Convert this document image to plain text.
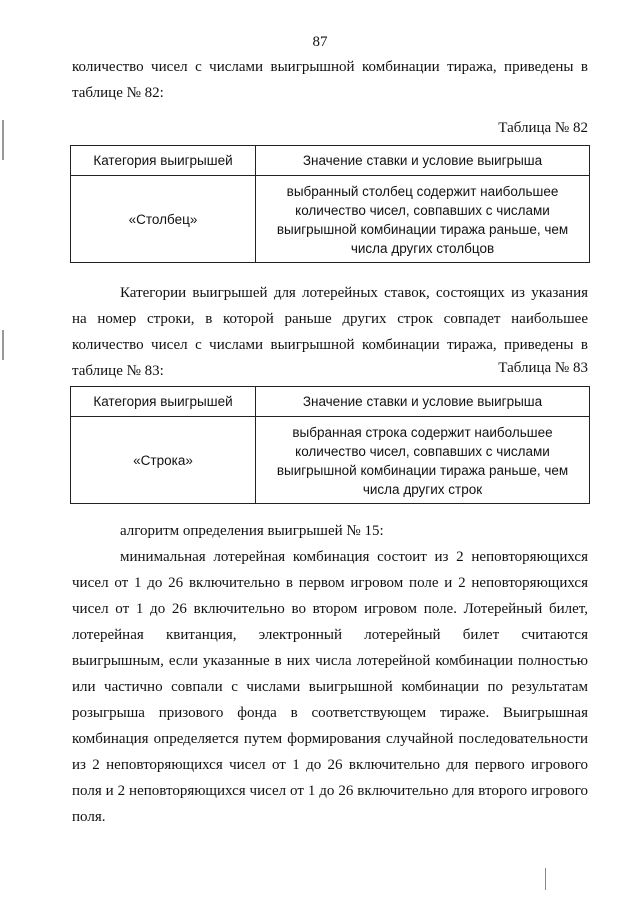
87

количество чисел с числами выигрышной комбинации тиража, приведены в таблице № 82:

Таблица № 82
Категория выигрышей	Значение ставки и условие выигрыша
«Столбец»	выбранный столбец содержит наибольшее количество чисел, совпавших с числами выигрышной комбинации тиража раньше, чем числа других столбцов

Категории выигрышей для лотерейных ставок, состоящих из указания на номер строки, в которой раньше других строк совпадет наибольшее количество чисел с числами выигрышной комбинации тиража, приведены в таблице № 83:	Таблица № 83
Категория выигрышей	Значение ставки и условие выигрыша
«Строка»	выбранная строка содержит наибольшее количество чисел, совпавших с числами выигрышной комбинации тиража раньше, чем числа других строк

алгоритм определения выигрышей № 15:

минимальная лотерейная комбинация состоит из 2 неповторяющихся чисел от 1 до 26 включительно в первом игровом поле и 2 неповторяющихся чисел от 1 до 26 включительно во втором игровом поле. Лотерейный билет, лотерейная квитанция, электронный лотерейный билет считаются выигрышным, если указанные в них числа лотерейной комбинации полностью или частично совпали с числами выигрышной комбинации по результатам розыгрыша призового фонда в соответствующем тираже. Выигрышная комбинация определяется путем формирования случайной последовательности из 2 неповторяющихся чисел от 1 до 26 включительно для первого игрового поля и 2 неповторяющихся чисел от 1 до 26 включительно для второго игрового поля.
